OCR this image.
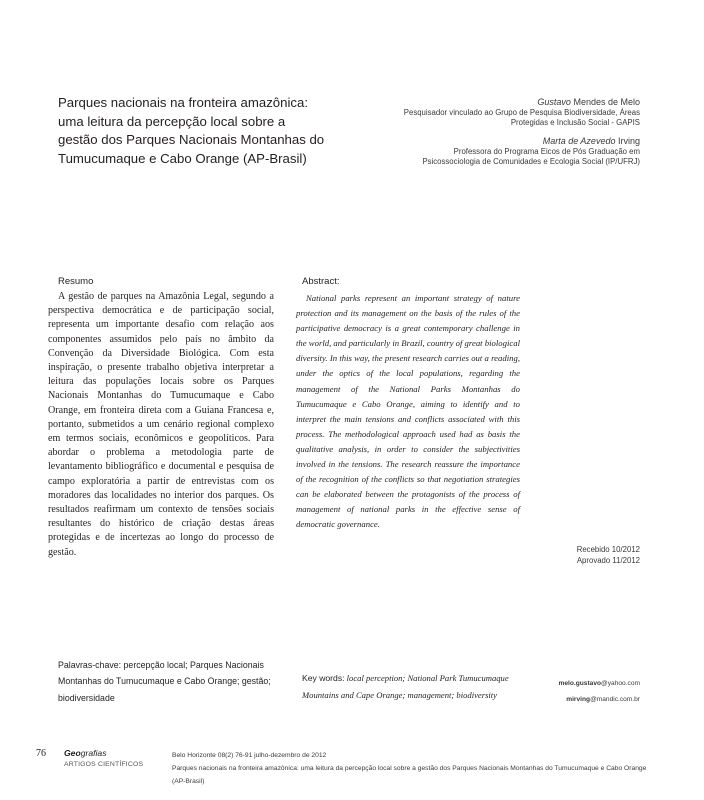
Parques nacionais na fronteira amazônica: uma leitura da percepção local sobre a gestão dos Parques Nacionais Montanhas do Tumucumaque e Cabo Orange (AP-Brasil)
Gustavo Mendes de Melo
Pesquisador vinculado ao Grupo de Pesquisa Biodiversidade, Áreas
Protegidas e Inclusão Social - GAPIS
Marta de Azevedo Irving
Professora do Programa Eicos de Pós Graduação em
Psicossociologia de Comunidades e Ecologia Social (IP/UFRJ)
Resumo

A gestão de parques na Amazônia Legal, segundo a perspectiva democrática e de participação social, representa um importante desafio com relação aos componentes assumidos pelo país no âmbito da Convenção da Diversidade Biológica. Com esta inspiração, o presente trabalho objetiva interpretar a leitura das populações locais sobre os Parques Nacionais Montanhas do Tumucumaque e Cabo Orange, em fronteira direta com a Guiana Francesa e, portanto, submetidos a um cenário regional complexo em termos sociais, econômicos e geopolíticos. Para abordar o problema a metodologia parte de levantamento bibliográfico e documental e pesquisa de campo exploratória a partir de entrevistas com os moradores das localidades no interior dos parques. Os resultados reafirmam um contexto de tensões sociais resultantes do histórico de criação destas áreas protegidas e de incertezas ao longo do processo de gestão.

Abstract:

National parks represent an important strategy of nature protection and its management on the basis of the rules of the participative democracy is a great contemporary challenge in the world, and particularly in Brazil, country of great biological diversity. In this way, the present research carries out a reading, under the optics of the local populations, regarding the management of the National Parks Montanhas do Tumucumaque e Cabo Orange, aiming to identify and to interpret the main tensions and conflicts associated with this process. The methodological approach used had as basis the qualitative analysis, in order to consider the subjectivities involved in the tensions. The research reassure the importance of the recognition of the conflicts so that negotiation strategies can be elaborated between the protagonists of the process of management of national parks in the effective sense of democratic governance.

Recebido 10/2012
Aprovado 11/2012
Palavras-chave: percepção local; Parques Nacionais Montanhas do Tumucumaque e Cabo Orange; gestão; biodiversidade
Key words: local perception; National Park Tumucumaque Mountains and Cape Orange; management; biodiversity
melo.gustavo@yahoo.com
mirving@mandic.com.br
76 Geografias
ARTIGOS CIENTÍFICOS
Belo Horizonte 08(2) 76-91 julho-dezembro de 2012
Parques nacionais na fronteira amazônica: uma leitura da percepção local sobre a gestão dos Parques Nacionais Montanhas do Tumucumaque e Cabo Orange (AP-Brasil)
